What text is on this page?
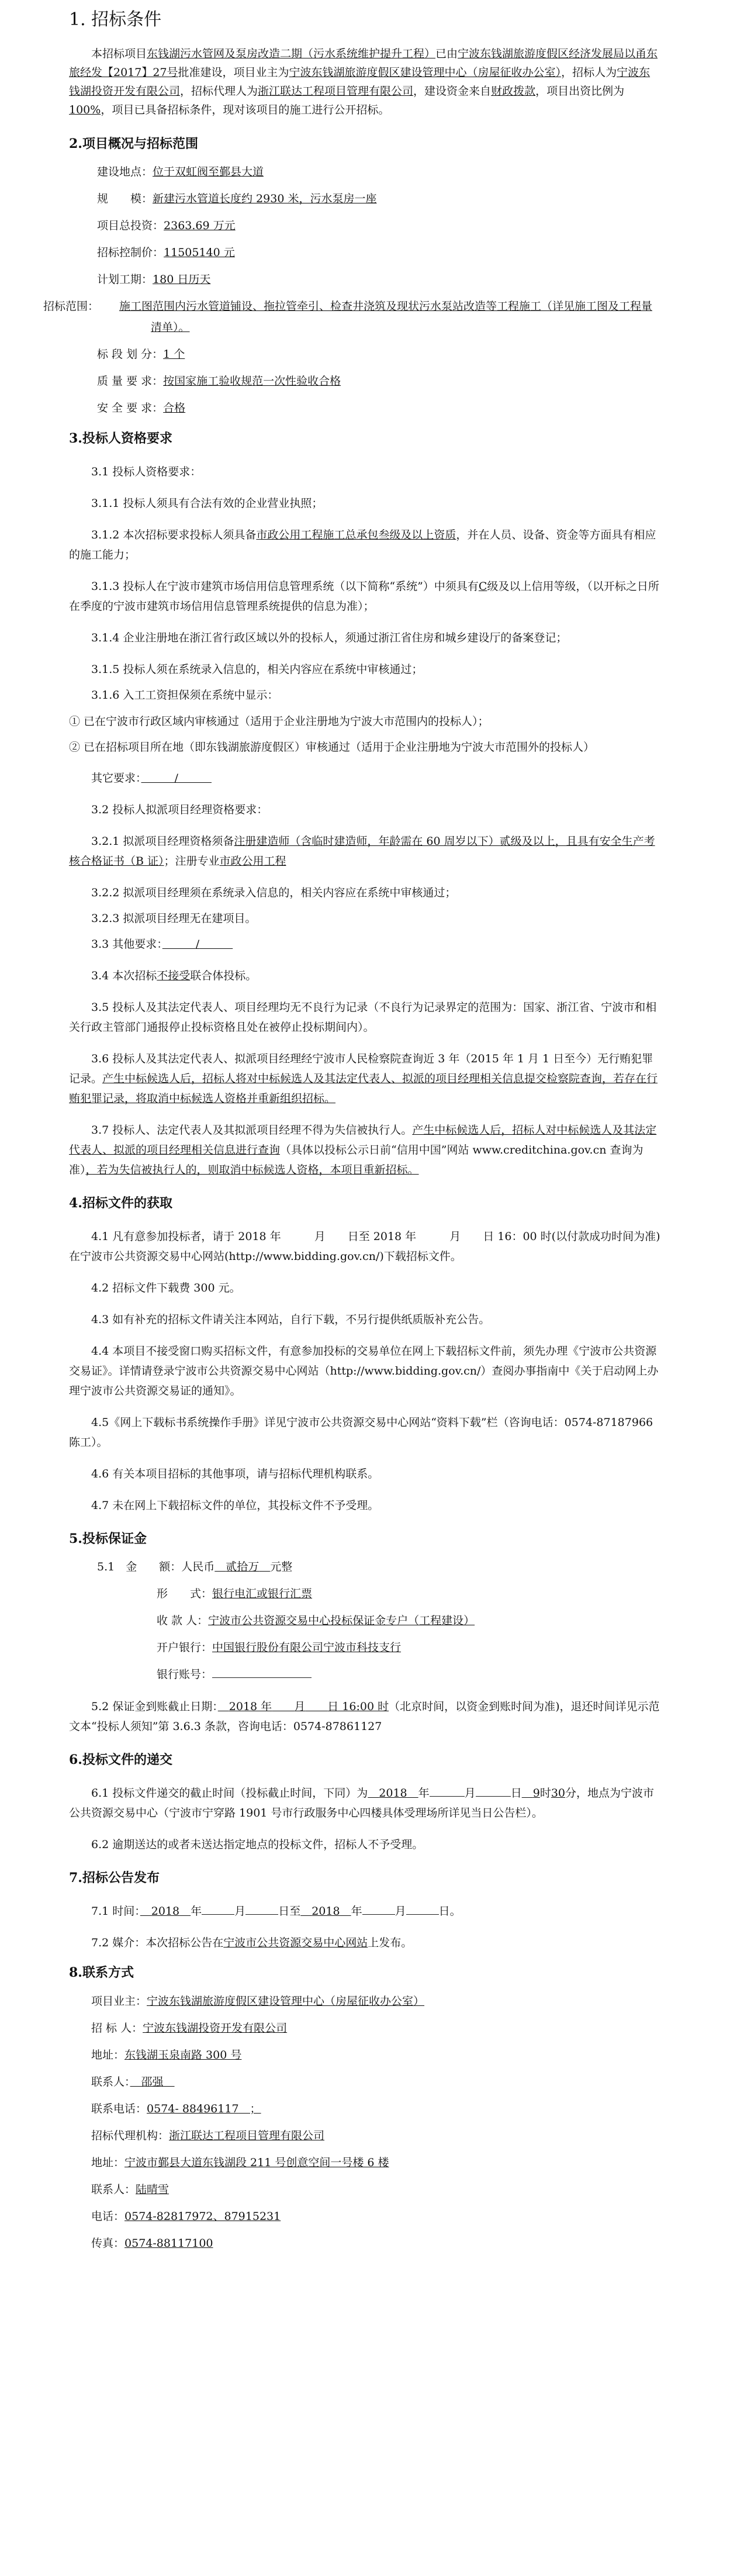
1. 招标条件

本招标项目东钱湖污水管网及泵房改造二期（污水系统维护提升工程）已由宁波东钱湖旅游度假区经济发展局以甬东旅经发【2017】27号批准建设，项目业主为宁波东钱湖旅游度假区建设管理中心（房屋征收办公室），招标人为宁波东钱湖投资开发有限公司，招标代理人为浙江联达工程项目管理有限公司，建设资金来自财政拨款，项目出资比例为100%，项目已具备招标条件，现对该项目的施工进行公开招标。

2.项目概况与招标范围
建设地点：位于双虹阀至鄞县大道
规　　模：新建污水管道长度约 2930 米，污水泵房一座
项目总投资：2363.69 万元
招标控制价：11505140 元
计划工期：180 日历天
招标范围： 施工图范围内污水管道铺设、拖拉管牵引、检查井浇筑及现状污水泵站改造等工程施工（详见施工图及工程量清单）。
标 段 划 分：1 个
质 量 要 求：按国家施工验收规范一次性验收合格
安 全 要 求：合格
3.投标人资格要求

3.1 投标人资格要求：

3.1.1 投标人须具有合法有效的企业营业执照；

3.1.2 本次招标要求投标人须具备市政公用工程施工总承包叁级及以上资质，并在人员、设备、资金等方面具有相应的施工能力；

3.1.3 投标人在宁波市建筑市场信用信息管理系统（以下简称“系统”）中须具有C级及以上信用等级，（以开标之日所在季度的宁波市建筑市场信用信息管理系统提供的信息为准）；

3.1.4 企业注册地在浙江省行政区域以外的投标人，须通过浙江省住房和城乡建设厅的备案登记；

3.1.5 投标人须在系统录入信息的，相关内容应在系统中审核通过；

3.1.6 入工工资担保须在系统中显示：

① 已在宁波市行政区域内审核通过（适用于企业注册地为宁波大市范围内的投标人）；

② 已在招标项目所在地（即东钱湖旅游度假区）审核通过（适用于企业注册地为宁波大市范围外的投标人）

其它要求：　　　	/　　　

3.2 投标人拟派项目经理资格要求：

3.2.1 拟派项目经理资格须备注册建造师（含临时建造师，年龄需在 60 周岁以下）贰级及以上，且具有安全生产考核合格证书（B 证）；注册专业市政公用工程

3.2.2 拟派项目经理须在系统录入信息的，相关内容应在系统中审核通过；

3.2.3 拟派项目经理无在建项目。

3.3 其他要求：　　　	/　　　

3.4 本次招标不接受联合体投标。

3.5 投标人及其法定代表人、项目经理均无不良行为记录（不良行为记录界定的范围为：国家、浙江省、宁波市和相关行政主管部门通报停止投标资格且处在被停止投标期间内）。

3.6 投标人及其法定代表人、拟派项目经理经宁波市人民检察院查询近 3 年（2015 年 1 月 1 日至今）无行贿犯罪记录。产生中标候选人后，招标人将对中标候选人及其法定代表人、拟派的项目经理相关信息提交检察院查询，若存在行贿犯罪记录，将取消中标候选人资格并重新组织招标。

3.7 投标人、法定代表人及其拟派项目经理不得为失信被执行人。产生中标候选人后，招标人对中标候选人及其法定代表人、拟派的项目经理相关信息进行查询（具体以投标公示日前“信用中国”网站 www.creditchina.gov.cn 查询为准），若为失信被执行人的，则取消中标候选人资格，本项目重新招标。

4.招标文件的获取

4.1 凡有意参加投标者，请于 2018 年　　　	月　　 日至 2018 年　　　	月　　 日 16：00 时(以付款成功时间为准)在宁波市公共资源交易中心网站(http://www.bidding.gov.cn/)下载招标文件。

4.2 招标文件下载费 300 元。

4.3 如有补充的招标文件请关注本网站，自行下载，不另行提供纸质版补充公告。

4.4 本项目不接受窗口购买招标文件，有意参加投标的交易单位在网上下载招标文件前，须先办理《宁波市公共资源交易证》。详情请登录宁波市公共资源交易中心网站（http://www.bidding.gov.cn/）查阅办事指南中《关于启动网上办理宁波市公共资源交易证的通知》。

4.5《网上下载标书系统操作手册》详见宁波市公共资源交易中心网站“资料下载”栏（咨询电话：0574-87187966 陈工）。

4.6 有关本项目招标的其他事项，请与招标代理机构联系。

4.7 未在网上下载招标文件的单位，其投标文件不予受理。

5.投标保证金
5.1　金　　额：人民币　 贰拾万　 元整
形　　式：银行电汇或银行汇票
收 款 人：宁波市公共资源交易中心投标保证金专户（工程建设）
开户银行：中国银行股份有限公司宁波市科技支行
银行账号：

5.2 保证金到账截止日期：　 2018 年　　 月　　 日 16:00 时（北京时间，以资金到账时间为准)，退还时间详见示范文本“投标人须知”第 3.6.3 条款，咨询电话：0574-87861127

6.投标文件的递交

6.1 投标文件递交的截止时间（投标截止时间，下同）为　 2018　 年	月	日　 9时30分，地点为宁波市公共资源交易中心（宁波市宁穿路 1901 号市行政服务中心四楼具体受理场所详见当日公告栏）。

6.2 逾期送达的或者未送达指定地点的投标文件，招标人不予受理。

7.招标公告发布

7.1 时间：　 2018　 年	月	日至　 2018　 年	月	日。

7.2 媒介：本次招标公告在宁波市公共资源交易中心网站上发布。

8.联系方式
项目业主：宁波东钱湖旅游度假区建设管理中心（房屋征收办公室）
招 标 人：宁波东钱湖投资开发有限公司
地址：东钱湖玉泉南路 300 号
联系人：　 邵强　
联系电话：0574- 88496117　；
招标代理机构：浙江联达工程项目管理有限公司
地址：宁波市鄞县大道东钱湖段 211 号创意空间一号楼 6 楼
联系人：陆晴雪
电话：0574-82817972、87915231
传真：0574-88117100
